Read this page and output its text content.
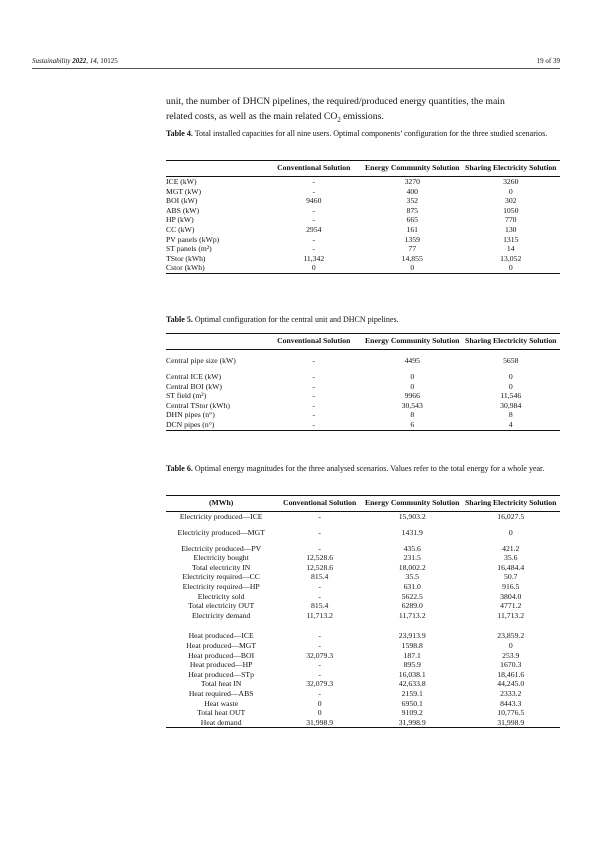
Sustainability 2022, 14, 10125	19 of 39
unit, the number of DHCN pipelines, the required/produced energy quantities, the main
related costs, as well as the main related $CO_2$ emissions.
Table 4. Total installed capacities for all nine users. Optimal components’ configuration for the three studied scenarios.
	Conventional Solution	Energy Community Solution	Sharing Electricity Solution
ICE (kW)	-	3270	3260
MGT (kW)	-	400	0
BOI (kW)	9460	352	302
ABS (kW)	-	875	1050
HP (kW)	-	665	770
CC (kW)	2954	161	130
PV panels (kWp)	-	1359	1315
ST panels (m²)	-	77	14
TStor (kWh)	11,342	14,855	13,052
Cstor (kWh)	0	0	0
Table 5. Optimal configuration for the central unit and DHCN pipelines.
	Conventional Solution	Energy Community Solution	Sharing Electricity Solution
Central pipe size (kW)	-	4495	5658
Central ICE (kW)	-	0	0
Central BOI (kW)	-	0	0
ST field (m²)	-	9966	11,546
Central TStor (kWh)	-	30,543	30,984
DHN pipes (n°)	-	8	8
DCN pipes (n°)	-	6	4
Table 6. Optimal energy magnitudes for the three analysed scenarios. Values refer to the total energy for a whole year.
(MWh)	Conventional Solution	Energy Community Solution	Sharing Electricity Solution
Electricity produced—ICE	-	15,903.2	16,027.5
Electricity produced—MGT	-	1431.9	0
Electricity produced—PV	-	435.6	421.2
Electricity bought	12,528.6	231.5	35.6
Total electricity IN	12,528.6	18,002.2	16,484.4
Electricity required—CC	815.4	35.5	50.7
Electricity required—HP	-	631.0	916.5
Electricity sold	-	5622.5	3804.0
Total electricity OUT	815.4	6289.0	4771.2
Electricity demand	11,713.2	11,713.2	11,713.2

Heat produced—ICE	-	23,913.9	23,859.2
Heat produced—MGT	-	1598.8	0
Heat produced—BOI	32,079.3	187.1	253.9
Heat produced—HP	-	895.9	1670.3
Heat produced—STp	-	16,038.1	18,461.6
Total heat IN	32,079.3	42,633.8	44,245.0
Heat required—ABS	-	2159.1	2333.2
Heat waste	0	6950.1	8443.3
Total heat OUT	0	9109.2	10,776.5
Heat demand	31,998.9	31,998.9	31,998.9
